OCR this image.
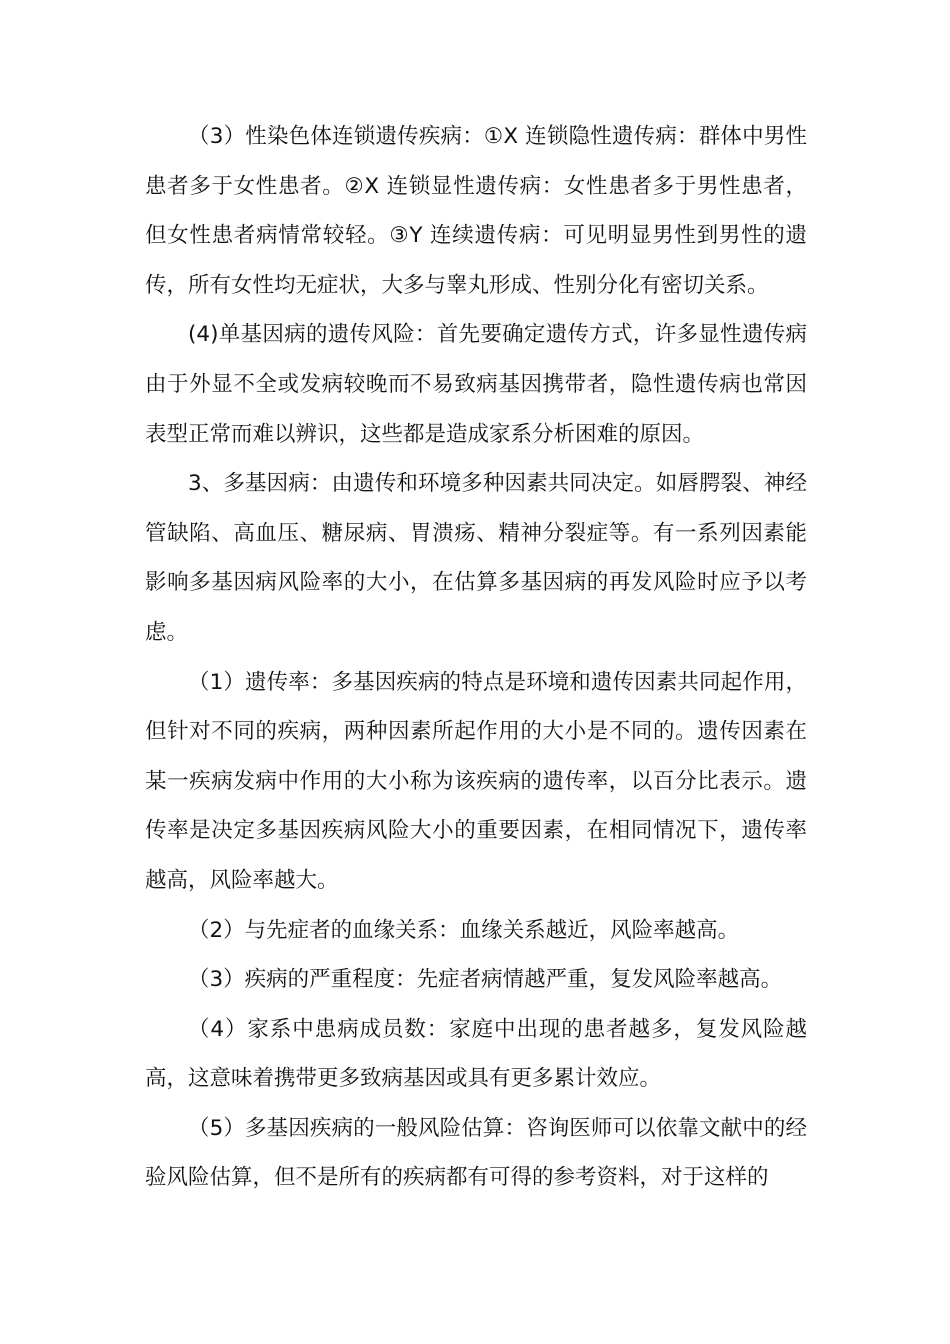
（3）性染色体连锁遗传疾病：①X 连锁隐性遗传病：群体中男性患者多于女性患者。②X 连锁显性遗传病：女性患者多于男性患者，但女性患者病情常较轻。③Y 连续遗传病：可见明显男性到男性的遗传，所有女性均无症状，大多与睾丸形成、性别分化有密切关系。

(4)单基因病的遗传风险：首先要确定遗传方式，许多显性遗传病由于外显不全或发病较晚而不易致病基因携带者，隐性遗传病也常因表型正常而难以辨识，这些都是造成家系分析困难的原因。

3、多基因病：由遗传和环境多种因素共同决定。如唇腭裂、神经管缺陷、高血压、糖尿病、胃溃疡、精神分裂症等。有一系列因素能影响多基因病风险率的大小，在估算多基因病的再发风险时应予以考虑。

（1）遗传率：多基因疾病的特点是环境和遗传因素共同起作用，但针对不同的疾病，两种因素所起作用的大小是不同的。遗传因素在某一疾病发病中作用的大小称为该疾病的遗传率，以百分比表示。遗传率是决定多基因疾病风险大小的重要因素，在相同情况下，遗传率越高，风险率越大。

（2）与先症者的血缘关系：血缘关系越近，风险率越高。

（3）疾病的严重程度：先症者病情越严重，复发风险率越高。

（4）家系中患病成员数：家庭中出现的患者越多，复发风险越高，这意味着携带更多致病基因或具有更多累计效应。

（5）多基因疾病的一般风险估算：咨询医师可以依靠文献中的经验风险估算，但不是所有的疾病都有可得的参考资料，对于这样的
